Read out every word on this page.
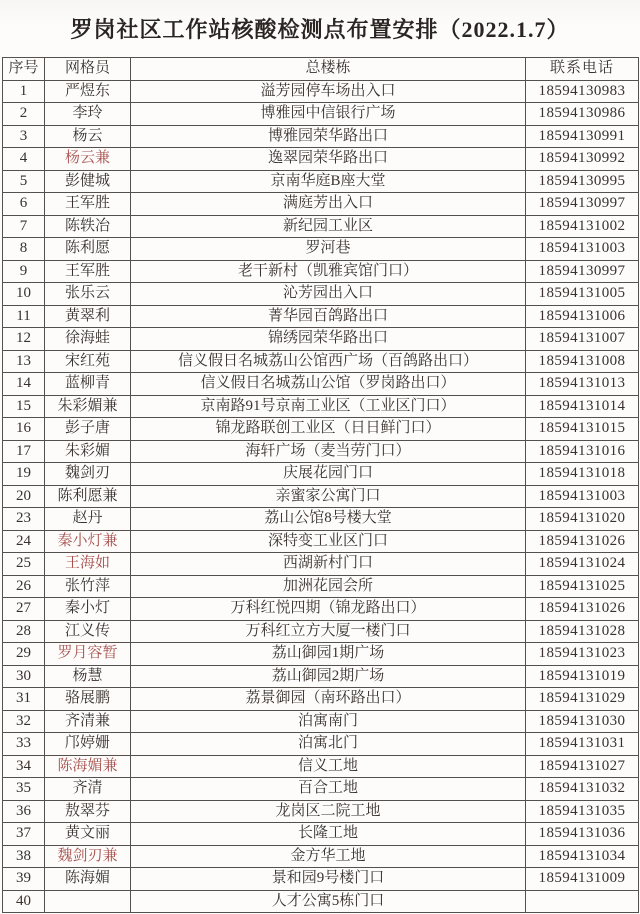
罗岗社区工作站核酸检测点布置安排（2022.1.7）
序号	网格员	总楼栋	联系电话
1	严煜东	溢芳园停车场出入口	18594130983
2	李玲	博雅园中信银行广场	18594130986
3	杨云	博雅园荣华路出口	18594130991
4	杨云兼	逸翠园荣华路出口	18594130992
5	彭健城	京南华庭B座大堂	18594130995
6	王军胜	满庭芳出入口	18594130997
7	陈轶冶	新纪园工业区	18594131002
8	陈利愿	罗河巷	18594131003
9	王军胜	老干新村（凯雅宾馆门口）	18594130997
10	张乐云	沁芳园出入口	18594131005
11	黄翠利	菁华园百鸽路出口	18594131006
12	徐海蛙	锦绣园荣华路出口	18594131007
13	宋红苑	信义假日名城荔山公馆西广场（百鸽路出口）	18594131008
14	蓝柳青	信义假日名城荔山公馆（罗岗路出口）	18594131013
15	朱彩媚兼	京南路91号京南工业区（工业区门口）	18594131014
16	彭子唐	锦龙路联创工业区（日日鲜门口）	18594131015
17	朱彩媚	海轩广场（麦当劳门口）	18594131016
19	魏剑刃	庆展花园门口	18594131018
20	陈利愿兼	亲蜜家公寓门口	18594131003
23	赵丹	荔山公馆8号楼大堂	18594131020
24	秦小灯兼	深特变工业区门口	18594131026
25	王海如	西湖新村门口	18594131024
26	张竹萍	加洲花园会所	18594131025
27	秦小灯	万科红悦四期（锦龙路出口）	18594131026
28	江义传	万科红立方大厦一楼门口	18594131028
29	罗月容暂	荔山御园1期广场	18594131023
30	杨慧	荔山御园2期广场	18594131019
31	骆展鹏	荔景御园（南环路出口）	18594131029
32	齐清兼	泊寓南门	18594131030
33	邝婷姗	泊寓北门	18594131031
34	陈海媚兼	信义工地	18594131027
35	齐清	百合工地	18594131032
36	敖翠芬	龙岗区二院工地	18594131035
37	黄文丽	长隆工地	18594131036
38	魏剑刃兼	金方华工地	18594131034
39	陈海媚	景和园9号楼门口	18594131009
40		人才公寓5栋门口	
